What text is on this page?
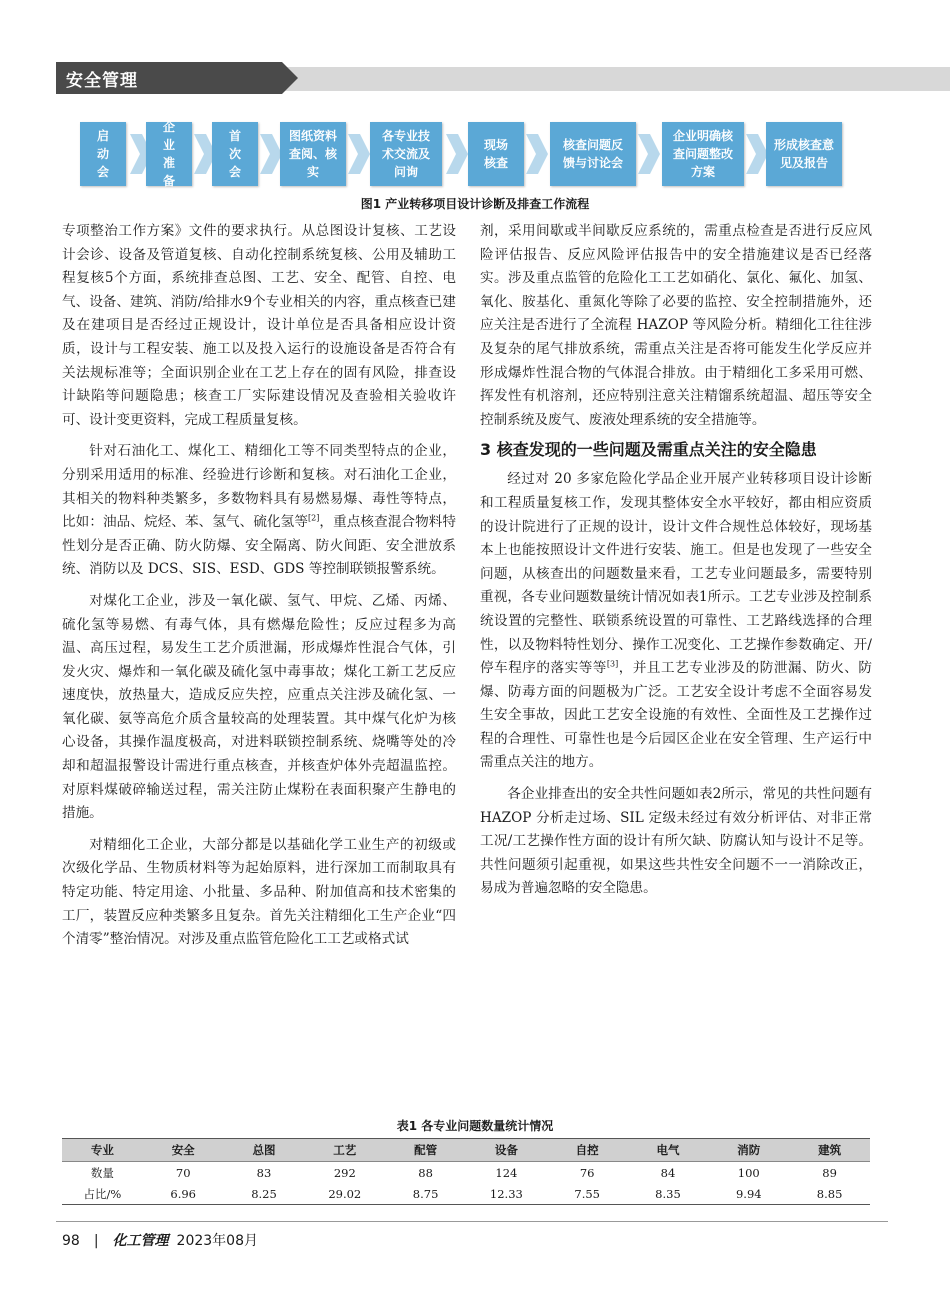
安全管理
启
动
会
企
业
准
备
首
次
会
图纸资料
查阅、核
实
各专业技
术交流及
问询
现场
核查
核查问题反
馈与讨论会
企业明确核
查问题整改
方案
形成核查意
见及报告
图1 产业转移项目设计诊断及排查工作流程

专项整治工作方案》文件的要求执行。从总图设计复核、工艺设计会诊、设备及管道复核、自动化控制系统复核、公用及辅助工程复核5个方面，系统排查总图、工艺、安全、配管、自控、电气、设备、建筑、消防/给排水9个专业相关的内容，重点核查已建及在建项目是否经过正规设计，设计单位是否具备相应设计资质，设计与工程安装、施工以及投入运行的设施设备是否符合有关法规标准等；全面识别企业在工艺上存在的固有风险，排查设计缺陷等问题隐患；核查工厂实际建设情况及查验相关验收许可、设计变更资料，完成工程质量复核。

针对石油化工、煤化工、精细化工等不同类型特点的企业，分别采用适用的标准、经验进行诊断和复核。对石油化工企业，其相关的物料种类繁多，多数物料具有易燃易爆、毒性等特点，比如：油品、烷烃、苯、氢气、硫化氢等[2]，重点核查混合物料特性划分是否正确、防火防爆、安全隔离、防火间距、安全泄放系统、消防以及 DCS、SIS、ESD、GDS 等控制联锁报警系统。

对煤化工企业，涉及一氧化碳、氢气、甲烷、乙烯、丙烯、硫化氢等易燃、有毒气体，具有燃爆危险性；反应过程多为高温、高压过程，易发生工艺介质泄漏，形成爆炸性混合气体，引发火灾、爆炸和一氧化碳及硫化氢中毒事故；煤化工新工艺反应速度快，放热量大，造成反应失控，应重点关注涉及硫化氢、一氧化碳、氨等高危介质含量较高的处理装置。其中煤气化炉为核心设备，其操作温度极高，对进料联锁控制系统、烧嘴等处的冷却和超温报警设计需进行重点核查，并核查炉体外壳超温监控。对原料煤破碎输送过程，需关注防止煤粉在表面积聚产生静电的措施。

对精细化工企业，大部分都是以基础化学工业生产的初级或次级化学品、生物质材料等为起始原料，进行深加工而制取具有特定功能、特定用途、小批量、多品种、附加值高和技术密集的工厂，装置反应种类繁多且复杂。首先关注精细化工生产企业“四个清零”整治情况。对涉及重点监管危险化工工艺或格式试

剂，采用间歇或半间歇反应系统的，需重点检查是否进行反应风险评估报告、反应风险评估报告中的安全措施建议是否已经落实。涉及重点监管的危险化工工艺如硝化、氯化、氟化、加氢、氧化、胺基化、重氮化等除了必要的监控、安全控制措施外，还应关注是否进行了全流程 HAZOP 等风险分析。精细化工往往涉及复杂的尾气排放系统，需重点关注是否将可能发生化学反应并形成爆炸性混合物的气体混合排放。由于精细化工多采用可燃、挥发性有机溶剂，还应特别注意关注精馏系统超温、超压等安全控制系统及废气、废液处理系统的安全措施等。

3 核查发现的一些问题及需重点关注的安全隐患

经过对 20 多家危险化学品企业开展产业转移项目设计诊断和工程质量复核工作，发现其整体安全水平较好，都由相应资质的设计院进行了正规的设计，设计文件合规性总体较好，现场基本上也能按照设计文件进行安装、施工。但是也发现了一些安全问题，从核查出的问题数量来看，工艺专业问题最多，需要特别重视，各专业问题数量统计情况如表1所示。工艺专业涉及控制系统设置的完整性、联锁系统设置的可靠性、工艺路线选择的合理性，以及物料特性划分、操作工况变化、工艺操作参数确定、开/停车程序的落实等等[3]，并且工艺专业涉及的防泄漏、防火、防爆、防毒方面的问题极为广泛。工艺安全设计考虑不全面容易发生安全事故，因此工艺安全设施的有效性、全面性及工艺操作过程的合理性、可靠性也是今后园区企业在安全管理、生产运行中需重点关注的地方。

各企业排查出的安全共性问题如表2所示，常见的共性问题有 HAZOP 分析走过场、SIL 定级未经过有效分析评估、对非正常工况/工艺操作性方面的设计有所欠缺、防腐认知与设计不足等。共性问题须引起重视，如果这些共性安全问题不一一消除改正，易成为普遍忽略的安全隐患。

表1 各专业问题数量统计情况
专业	安全	总图	工艺	配管	设备	自控	电气	消防	建筑
数量	70	83	292	88	124	76	84	100	89
占比/%	6.96	8.25	29.02	8.75	12.33	7.55	8.35	9.94	8.85
98 | 化工管理 2023年08月
